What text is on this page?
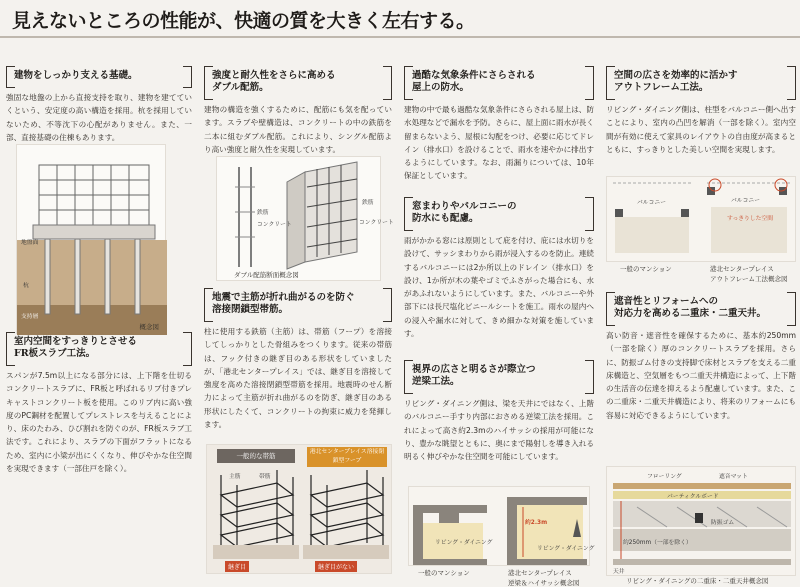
見えないところの性能が、快適の質を大きく左右する。
建物をしっかり支える基礎。
強固な地盤の上から直接支持を取り、建物を建てていくという、安定度の高い構造を採用。杭を採用していないため、不等沈下の心配がありません。また、一部、直接基礎の住棟もあります。
地盤面
杭
支持層
概念図
室内空間をすっきりとさせる
FR板スラブ工法。
スパンが7.5m以上になる部分には、上下階を仕切るコンクリートスラブに、FR板と呼ばれるリブ付きプレキャストコンクリート板を使用。このリブ内に高い強度のPC鋼材を配置してプレストレスを与えることにより、床のたわみ、ひび割れを防ぐのが、FR板スラブ工法です。これにより、スラブの下面がフラットになるため、室内に小梁が出にくくなり、伸びやかな住空間を実現できます（一部住戸を除く）。
強度と耐久性をさらに高める
ダブル配筋。
建物の構造を強くするために、配筋にも気を配っています。スラブや壁構造は、コンクリートの中の鉄筋を二本に組むダブル配筋。これにより、シングル配筋より高い強度と耐久性を実現しています。
鉄筋
コンクリート
鉄筋
コンクリート
ダブル配筋断面概念図
地震で主筋が折れ曲がるのを防ぐ
溶接閉鎖型帯筋。
柱に使用する鉄筋（主筋）は、帯筋（フープ）を溶接してしっかりとした骨組みをつくります。従来の帯筋は、フック付きの継ぎ目のある形状をしていましたが、「港北センタープレイス」では、継ぎ目を溶接して強度を高めた溶接閉鎖型帯筋を採用。地震時のせん断力によって主筋が折れ曲がるのを防ぎ、継ぎ目のある形状にしたくて、コンクリートの拘束に威力を発揮します。
一般的な帯筋	港北センタープレイス溶接閉鎖型フープ
主筋	帯筋
継ぎ目	継ぎ目がない
過酷な気象条件にさらされる
屋上の防水。
建物の中で最も過酷な気象条件にさらされる屋上は、防水処理などで漏水を予防。さらに、屋上面に雨水が長く留まらないよう、屋根に勾配をつけ、必要に応じてドレイン（排水口）を設けることで、雨水を速やかに排出するようにしています。なお、雨漏りについては、10年保証としています。
窓まわりやバルコニーの
防水にも配慮。
雨がかかる窓には原則として庇を付け、庇には水切りを設けて、サッシまわりから雨が浸入するのを防止。連続するバルコニーには2か所以上のドレイン（排水口）を設け、1か所が木の葉やゴミでふさがった場合にも、水があふれないようにしています。また、バルコニーや外部下には長尺塩化ビニールシートを施工。雨水の屋内への浸入や漏水に対して、きめ細かな対策を施しています。
視界の広さと明るさが際立つ
逆梁工法。
リビング・ダイニング側は、梁を天井にではなく、上階のバルコニー手すり内部におさめる逆梁工法を採用。これによって高さ約2.3mのハイサッシの採用が可能になり、豊かな眺望とともに、奥にまで陽射しを導き入れる明るく伸びやかな住空間を可能にしています。
リビング・ダイニング
リビング・ダイニング
約2.3m
一般のマンション	港北センタープレイス
逆梁＆ハイサッシ概念図
空間の広さを効率的に活かす
アウトフレーム工法。
リビング・ダイニング側は、柱型をバルコニー側へ出すことにより、室内の凸凹を解消（一部を除く）。室内空間が有効に使えて家具のレイアウトの自由度が高まるとともに、すっきりとした美しい空間を実現します。
バルコニー	バルコニー
すっきりした空間
一般のマンション	港北センタープレイス
アウトフレーム工法概念図
遮音性とリフォームへの
対応力を高める二重床・二重天井。
高い防音・遮音性を確保するために、基本約250mm（一部を除く）厚のコンクリートスラブを採用。さらに、防振ゴム付きの支持脚で床材とスラブを支える二重床構造と、空気層をもつ二重天井構造によって、上下階の生活音の伝達を抑えるよう配慮しています。また、この二重床・二重天井構造により、将来のリフォームにも容易に対応できるようにしています。
フローリング	遮音マット
パーティクルボード
防振ゴム
約250mm（一部を除く）
天井
リビング・ダイニングの二重床・二重天井概念図
